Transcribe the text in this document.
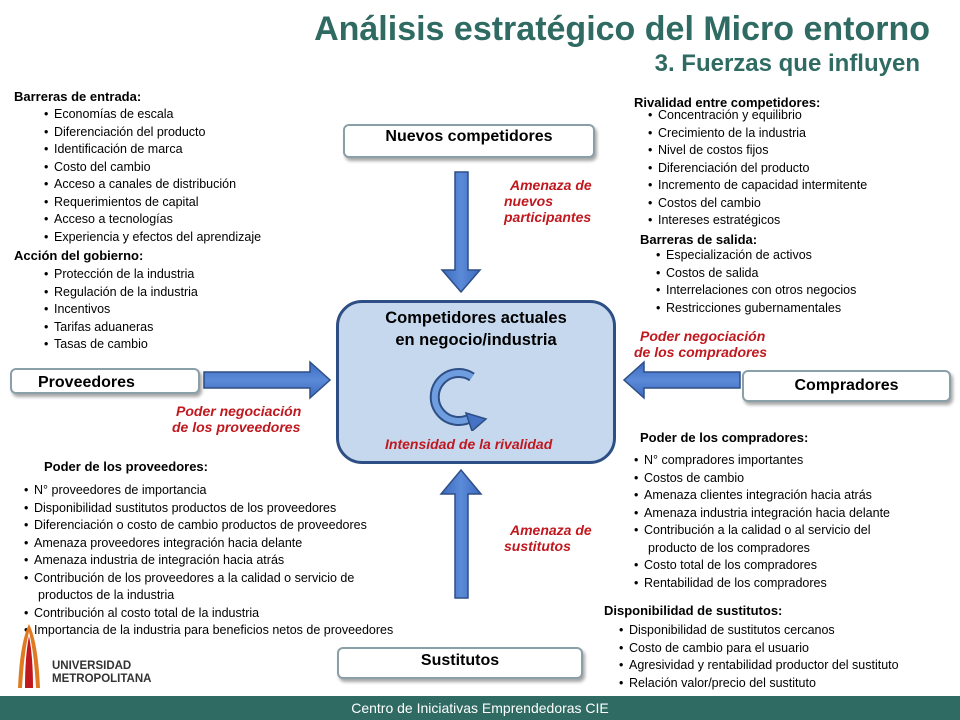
Análisis estratégico del Micro entorno
3. Fuerzas que influyen
Barreras de entrada:
• Economías de escala
• Diferenciación del producto
• Identificación de marca
• Costo del cambio
• Acceso a canales de distribución
• Requerimientos de capital
• Acceso a tecnologías
• Experiencia y efectos del aprendizaje
Acción del gobierno:
• Protección de la industria
• Regulación de la industria
• Incentivos
• Tarifas aduaneras
• Tasas de cambio
Rivalidad entre competidores:
• Concentración y equilibrio
• Crecimiento de la industria
• Nivel de costos fijos
• Diferenciación del producto
• Incremento de capacidad intermitente
• Costos del cambio
• Intereses estratégicos
Barreras de salida:
• Especialización de activos
• Costos de salida
• Interrelaciones con otros negocios
• Restricciones gubernamentales
Competidores actuales
en negocio/industria
Intensidad de la rivalidad
Nuevos competidores
Proveedores	Compradores
Sustitutos
Amenaza de
nuevos
participantes
Poder negociación
de los compradores
Poder negociación
de los proveedores
Amenaza de
sustitutos
Poder de los proveedores:
• N° proveedores de importancia
• Disponibilidad sustitutos productos de los proveedores
• Diferenciación o costo de cambio productos de proveedores
• Amenaza proveedores integración hacia delante
• Amenaza industria de integración hacia atrás
• Contribución de los proveedores a la calidad o servicio de
productos de la industria
• Contribución al costo total de la industria
• Importancia de la industria para beneficios netos de proveedores
Poder de los compradores:
• N° compradores importantes
• Costos de cambio
• Amenaza clientes integración hacia atrás
• Amenaza industria integración hacia delante
• Contribución a la calidad o al servicio del
producto de los compradores
• Costo total de los compradores
• Rentabilidad de los compradores
Disponibilidad de sustitutos:
• Disponibilidad de sustitutos cercanos
• Costo de cambio para el usuario
• Agresividad y rentabilidad productor del sustituto
• Relación valor/precio del sustituto
UNIVERSIDAD
METROPOLITANA
Centro de Iniciativas Emprendedoras CIE
